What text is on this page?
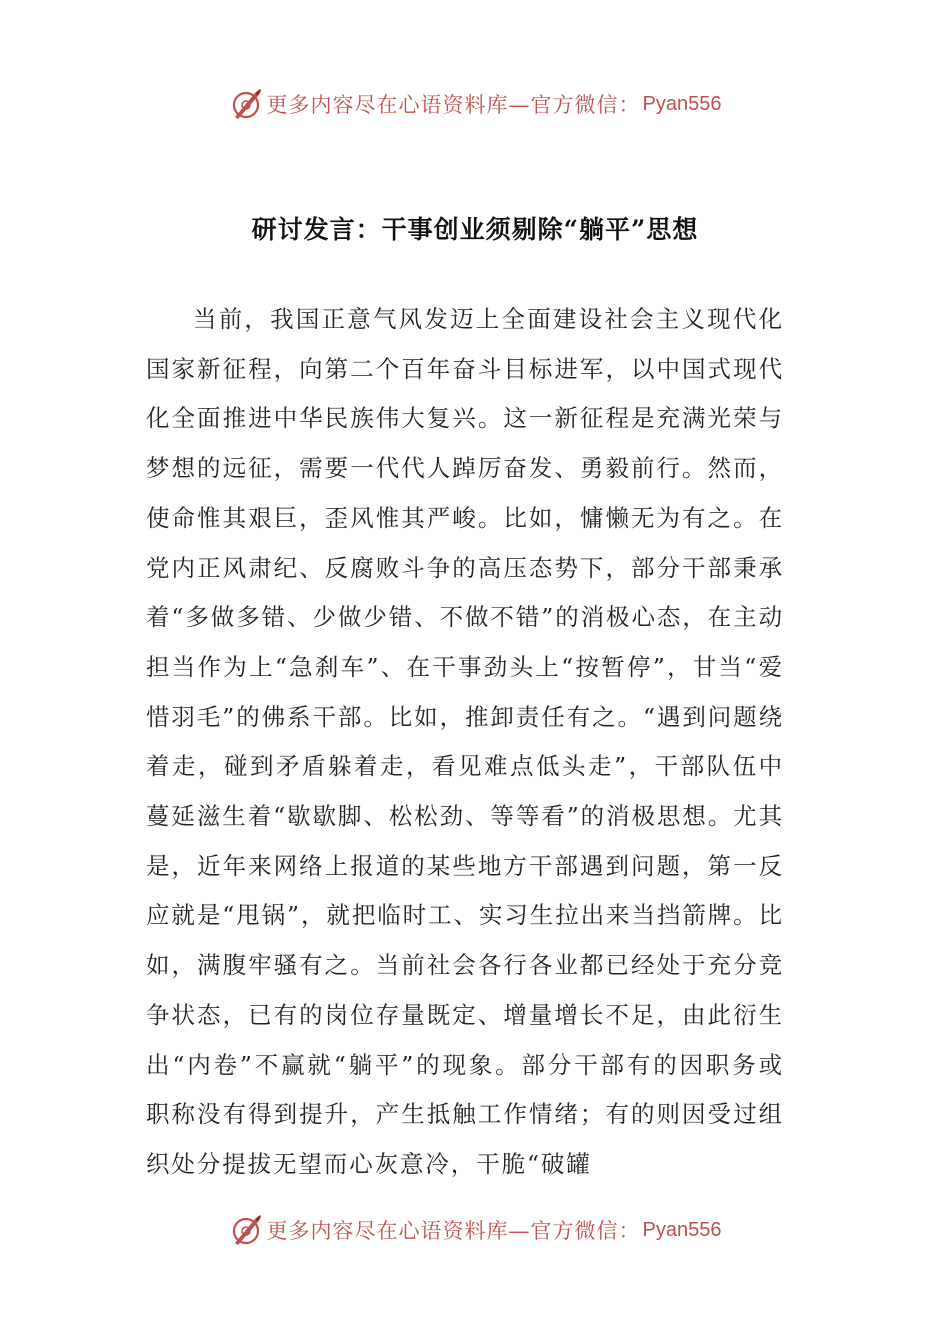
更多内容尽在心语资料库—官方微信： Pyan556
研讨发言：干事创业须剔除“躺平”思想

当前，我国正意气风发迈上全面建设社会主义现代化国家新征程，向第二个百年奋斗目标进军，以中国式现代化全面推进中华民族伟大复兴。这一新征程是充满光荣与梦想的远征，需要一代代人踔厉奋发、勇毅前行。然而，使命惟其艰巨，歪风惟其严峻。比如，慵懒无为有之。在党内正风肃纪、反腐败斗争的高压态势下，部分干部秉承着“多做多错、少做少错、不做不错”的消极心态，在主动担当作为上“急刹车”、在干事劲头上“按暂停”，甘当“爱惜羽毛”的佛系干部。比如，推卸责任有之。“遇到问题绕着走，碰到矛盾躲着走，看见难点低头走”，干部队伍中蔓延滋生着“歇歇脚、松松劲、等等看”的消极思想。尤其是，近年来网络上报道的某些地方干部遇到问题，第一反应就是“甩锅”，就把临时工、实习生拉出来当挡箭牌。比如，满腹牢骚有之。当前社会各行各业都已经处于充分竞争状态，已有的岗位存量既定、增量增长不足，由此衍生出“内卷”不赢就“躺平”的现象。部分干部有的因职务或职称没有得到提升，产生抵触工作情绪；有的则因受过组织处分提拔无望而心灰意冷，干脆“破罐

更多内容尽在心语资料库—官方微信： Pyan556
